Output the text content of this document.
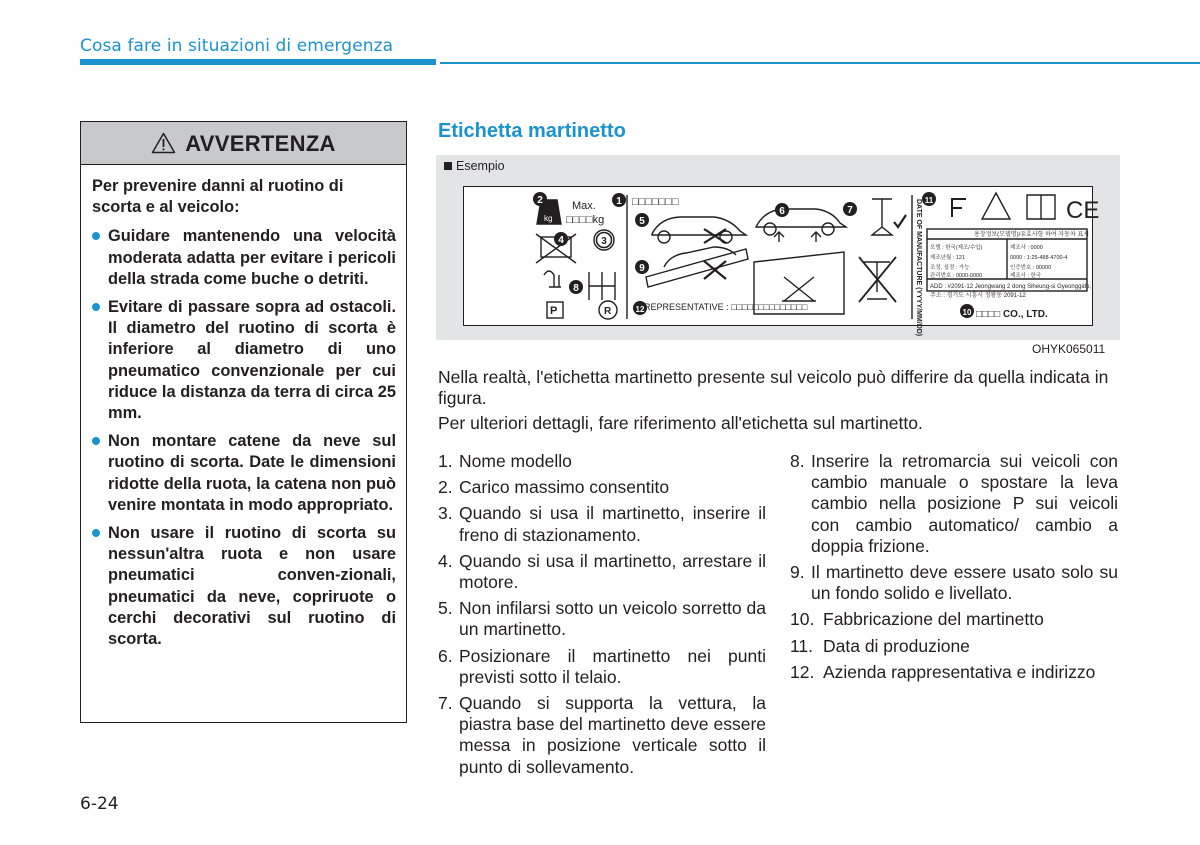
Cosa fare in situazioni di emergenza
AVVERTENZA

Per prevenire danni al ruotino di scorta e al veicolo:

Guidare mantenendo una velocità moderata adatta per evitare i pericoli della strada come buche o detriti.
Evitare di passare sopra ad ostacoli. Il diametro del ruotino di scorta è inferiore al diametro di uno pneumatico convenzionale per cui riduce la distanza da terra di circa 25 mm.
Non montare catene da neve sul ruotino di scorta. Date le dimensioni ridotte della ruota, la catena non può venire montata in modo appropriato.
Non usare il ruotino di scorta su nessun'altra ruota e non usare pneumatici conven-zionali, pneumatici da neve, copriruote o cerchi decorativi sul ruotino di scorta.
Etichetta martinetto
Esempio
2	1
4
5
6	7
8
9
12
11
10
3
Max.
kg □□□□kg
□□□□□□□
REPRESENTATIVE : □□□□□□□□□□□□□□
□□□□ CO., LTD.
P	R
CE
K
용장정보(모델명)/유효사항 하여 자동차 표시
모델 : 한국(제조/수입)
제조년월 : 121
조정, 설정 : 가능
관리번호 : 0000-0000
제조사 : 0000
0000 : 1:25-488-4700-4
인증번호 : 00000
제조사 : 한국
ADD : #2091-12 Jeongwang 2 dong Siheung-si Gyeonggido,
주소 : 경기도 시흥시 정왕동 2091-12
DATE OF MANUFACTURE (YYYY/MM/DD)
OHYK065011

Nella realtà, l'etichetta martinetto presente sul veicolo può differire da quella indicata in figura.

Per ulteriori dettagli, fare riferimento all'etichetta sul martinetto.

1. Nome modello
2. Carico massimo consentito
3. Quando si usa il martinetto, inserire il freno di stazionamento.
4. Quando si usa il martinetto, arrestare il motore.
5. Non infilarsi sotto un veicolo sorretto da un martinetto.
6. Posizionare il martinetto nei punti previsti sotto il telaio.
7. Quando si supporta la vettura, la piastra base del martinetto deve essere messa in posizione verticale sotto il punto di sollevamento.
8. Inserire la retromarcia sui veicoli con cambio manuale o spostare la leva cambio nella posizione P sui veicoli con cambio automatico/ cambio a doppia frizione.
9. Il martinetto deve essere usato solo su un fondo solido e livellato.
10. Fabbricazione del martinetto
11. Data di produzione
12. Azienda rappresentativa e indirizzo
6-24
